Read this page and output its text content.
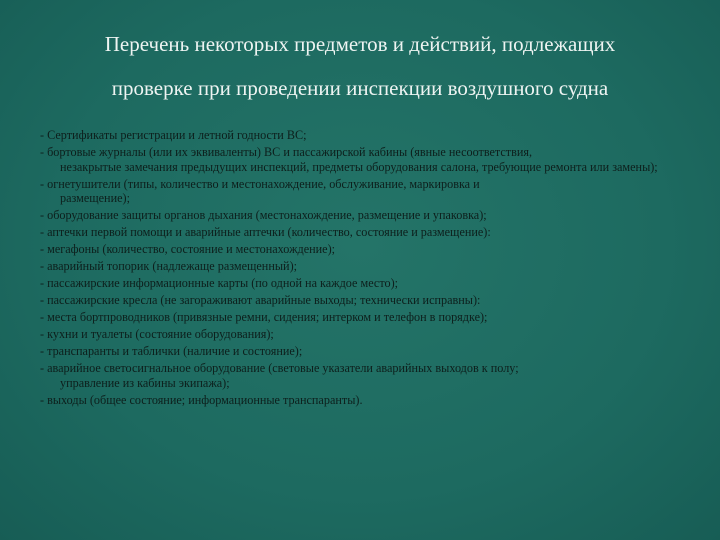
Перечень некоторых предметов и действий, подлежащих
проверке при проведении инспекции воздушного судна
- Сертификаты регистрации и летной годности ВС;
- бортовые журналы (или их эквиваленты) ВС и пассажирской кабины (явные несоответствия,
незакрытые замечания предыдущих инспекций, предметы оборудования салона, требующие ремонта или замены);
- огнетушители (типы, количество и местонахождение, обслуживание, маркировка и
размещение);
- оборудование защиты органов дыхания (местонахождение, размещение и упаковка);
- аптечки первой помощи и аварийные аптечки (количество, состояние и размещение):
- мегафоны (количество, состояние и местонахождение);
- аварийный топорик (надлежаще размещенный);
- пассажирские информационные карты (по одной на каждое место);
- пассажирские кресла (не загораживают аварийные выходы; технически исправны):
- места бортпроводников (привязные ремни, сидения; интерком и телефон в порядке);
- кухни и туалеты (состояние оборудования);
- транспаранты и таблички (наличие и состояние);
- аварийное светосигнальное оборудование (световые указатели аварийных выходов к полу;
управление из кабины экипажа);
- выходы (общее состояние; информационные транспаранты).
